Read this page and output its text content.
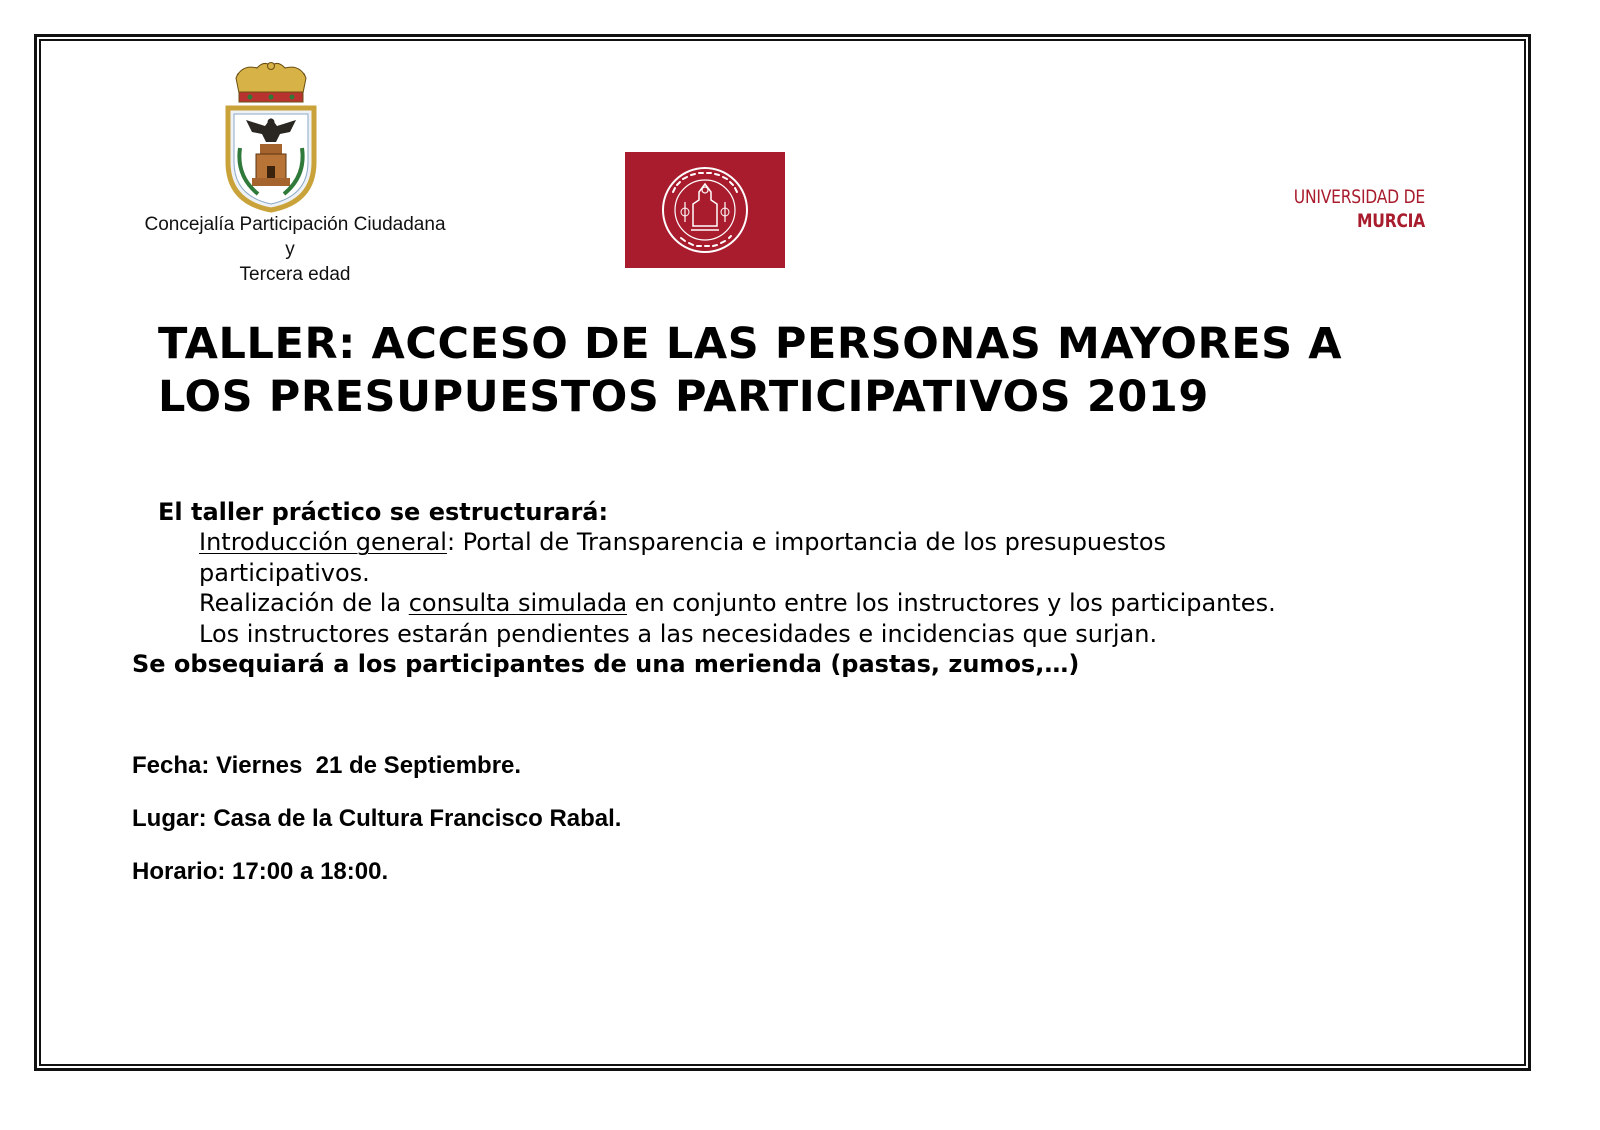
Concejalía Participación Ciudadana
y
Tercera edad
UNIVERSIDAD DE
MURCIA
TALLER: ACCESO DE LAS PERSONAS MAYORES A
LOS PRESUPUESTOS PARTICIPATIVOS 2019
El taller práctico se estructurará:
Introducción general: Portal de Transparencia e importancia de los presupuestos
participativos.
Realización de la consulta simulada en conjunto entre los instructores y los participantes.
Los instructores estarán pendientes a las necesidades e incidencias que surjan.
Se obsequiará a los participantes de una merienda (pastas, zumos,…)
Fecha: Viernes  21 de Septiembre.
Lugar: Casa de la Cultura Francisco Rabal.
Horario: 17:00 a 18:00.
